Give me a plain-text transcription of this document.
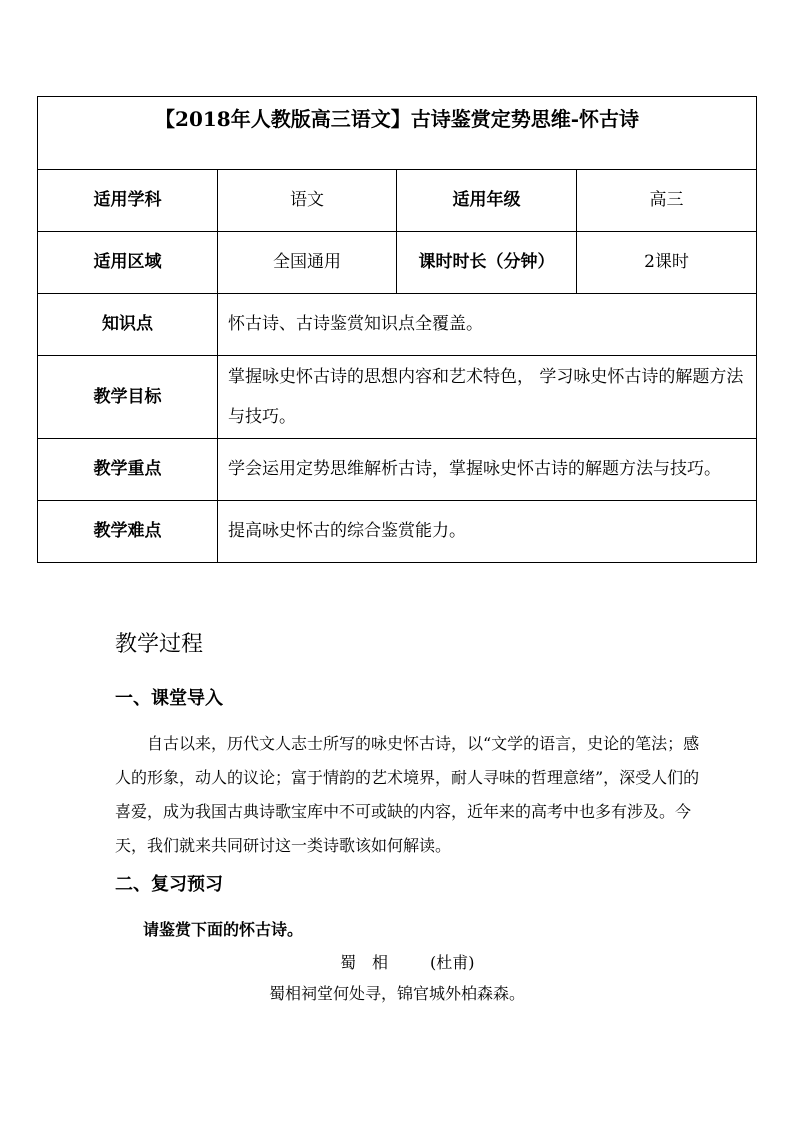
【2018年人教版高三语文】古诗鉴赏定势思维-怀古诗			
适用学科	语文	适用年级	高三
适用区域	全国通用	课时时长（分钟）	2课时
知识点	怀古诗、古诗鉴赏知识点全覆盖。		
教学目标	掌握咏史怀古诗的思想内容和艺术特色， 学习咏史怀古诗的解题方法与技巧。		
教学重点	学会运用定势思维解析古诗，掌握咏史怀古诗的解题方法与技巧。		
教学难点	提高咏史怀古的综合鉴赏能力。		
教学过程
一、课堂导入
自古以来，历代文人志士所写的咏史怀古诗，以“文学的语言，史论的笔法；感人的形象，动人的议论；富于情韵的艺术境界，耐人寻味的哲理意绪”，深受人们的喜爱，成为我国古典诗歌宝库中不可或缺的内容，近年来的高考中也多有涉及。今天，我们就来共同研讨这一类诗歌该如何解读。
二、复习预习
请鉴赏下面的怀古诗。
蜀相 (杜甫)
蜀相祠堂何处寻，锦官城外柏森森。
